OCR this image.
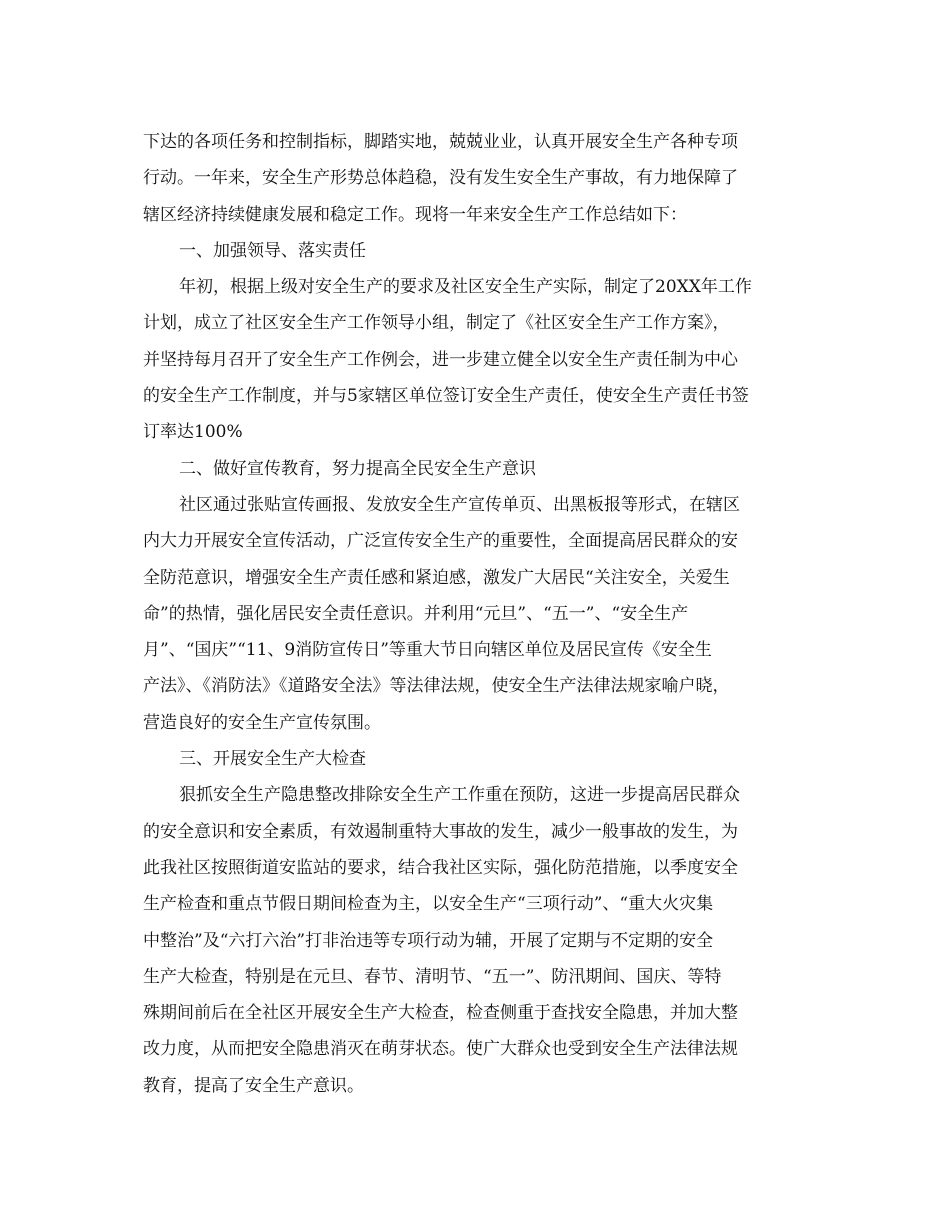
下达的各项任务和控制指标，脚踏实地，兢兢业业，认真开展安全生产各种专项
行动。一年来，安全生产形势总体趋稳，没有发生安全生产事故，有力地保障了
辖区经济持续健康发展和稳定工作。现将一年来安全生产工作总结如下：
一、加强领导、落实责任
年初，根据上级对安全生产的要求及社区安全生产实际，制定了20XX年工作
计划，成立了社区安全生产工作领导小组，制定了《社区安全生产工作方案》，
并坚持每月召开了安全生产工作例会，进一步建立健全以安全生产责任制为中心
的安全生产工作制度，并与5家辖区单位签订安全生产责任，使安全生产责任书签
订率达100%
二、做好宣传教育，努力提高全民安全生产意识
社区通过张贴宣传画报、发放安全生产宣传单页、出黑板报等形式，在辖区
内大力开展安全宣传活动，广泛宣传安全生产的重要性，全面提高居民群众的安
全防范意识，增强安全生产责任感和紧迫感，激发广大居民“关注安全，关爱生
命”的热情，强化居民安全责任意识。并利用“元旦”、“五一”、“安全生产
月”、“国庆”“11、9消防宣传日”等重大节日向辖区单位及居民宣传《安全生
产法》、《消防法》《道路安全法》等法律法规，使安全生产法律法规家喻户晓，
营造良好的安全生产宣传氛围。
三、开展安全生产大检查
狠抓安全生产隐患整改排除安全生产工作重在预防，这进一步提高居民群众
的安全意识和安全素质，有效遏制重特大事故的发生，减少一般事故的发生，为
此我社区按照街道安监站的要求，结合我社区实际，强化防范措施，以季度安全
生产检查和重点节假日期间检查为主，以安全生产“三项行动”、“重大火灾集
中整治”及“六打六治”打非治违等专项行动为辅，开展了定期与不定期的安全
生产大检查，特别是在元旦、春节、清明节、“五一”、防汛期间、国庆、等特
殊期间前后在全社区开展安全生产大检查，检查侧重于查找安全隐患，并加大整
改力度，从而把安全隐患消灭在萌芽状态。使广大群众也受到安全生产法律法规
教育，提高了安全生产意识。
